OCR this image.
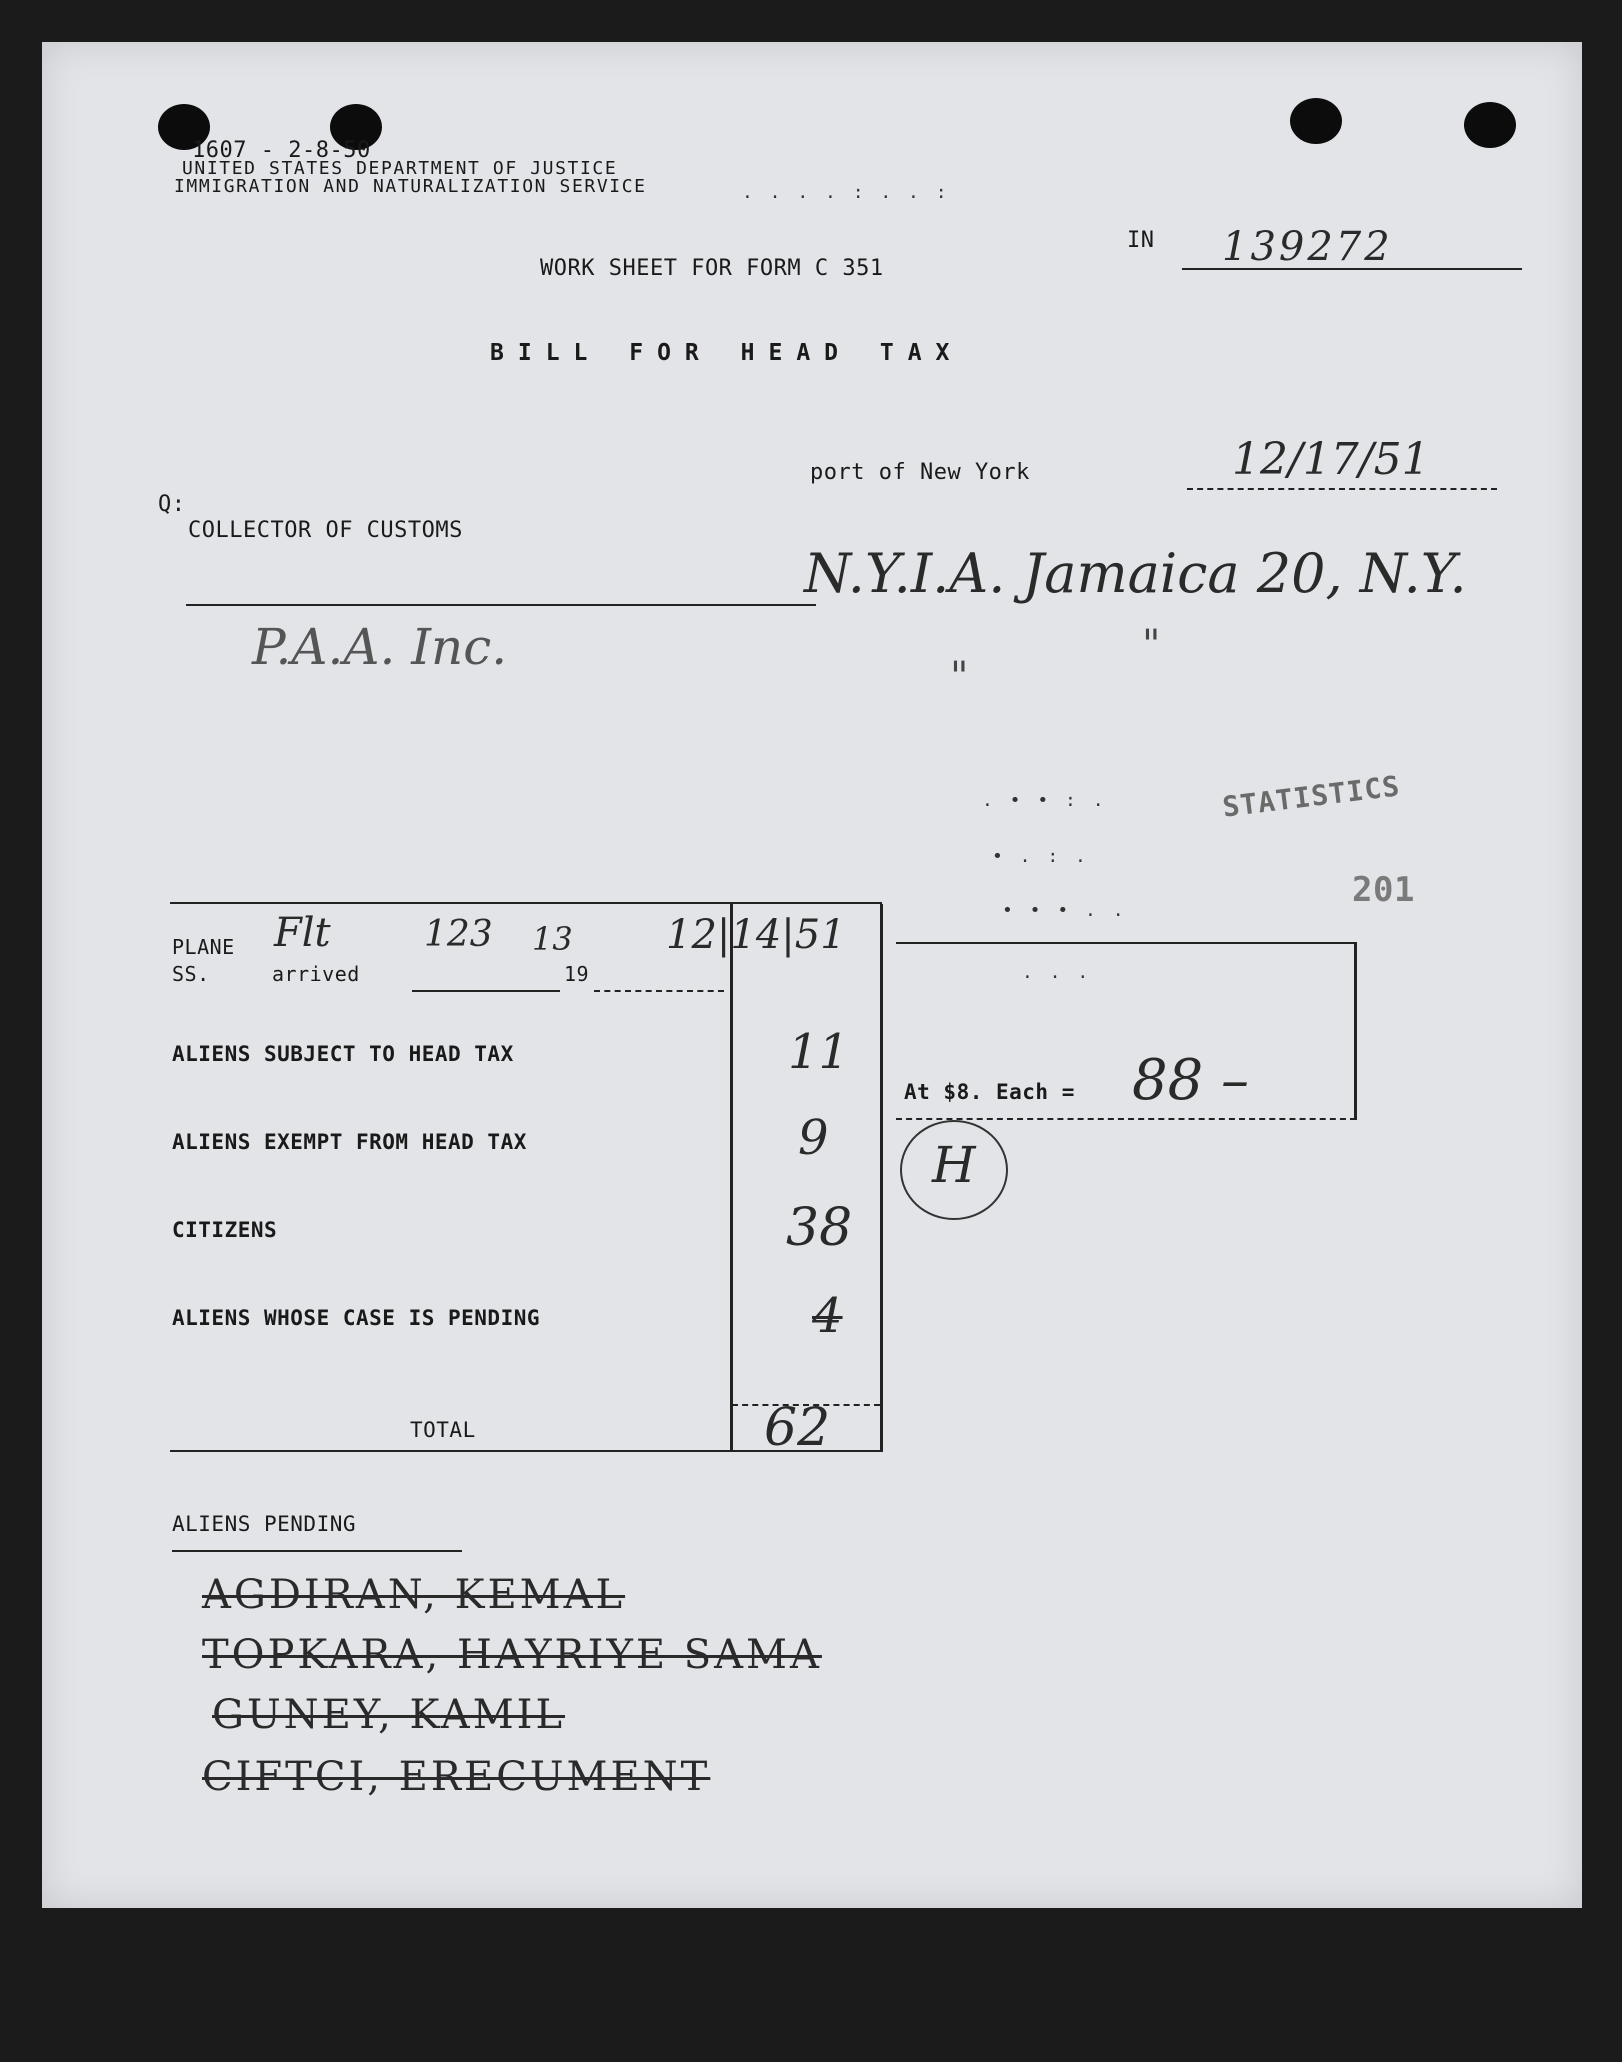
1607 - 2-8-50
UNITED STATES DEPARTMENT OF JUSTICE
IMMIGRATION AND NATURALIZATION SERVICE	. . . . : . . :
IN 139272
WORK SHEET FOR FORM C 351
BILL FOR HEAD TAX
port of New York	12/17/51
Q:
COLLECTOR OF CUSTOMS
N.Y.I.A. Jamaica 20, N.Y.
P.A.A. Inc.
"
"
STATISTICS
201
. • • : .
• . : .
• • • . .
. . .
PLANE
SS.	arrived
Flt	123 13
19
12|14|51
ALIENS SUBJECT TO HEAD TAX	11
ALIENS EXEMPT FROM HEAD TAX	9
CITIZENS	38
ALIENS WHOSE CASE IS PENDING	4
TOTAL	62
At $8. Each = 88 –
H
ALIENS PENDING
AGDIRAN, KEMAL
TOPKARA, HAYRIYE SAMA
GUNEY, KAMIL
CIFTCI, ERECUMENT
